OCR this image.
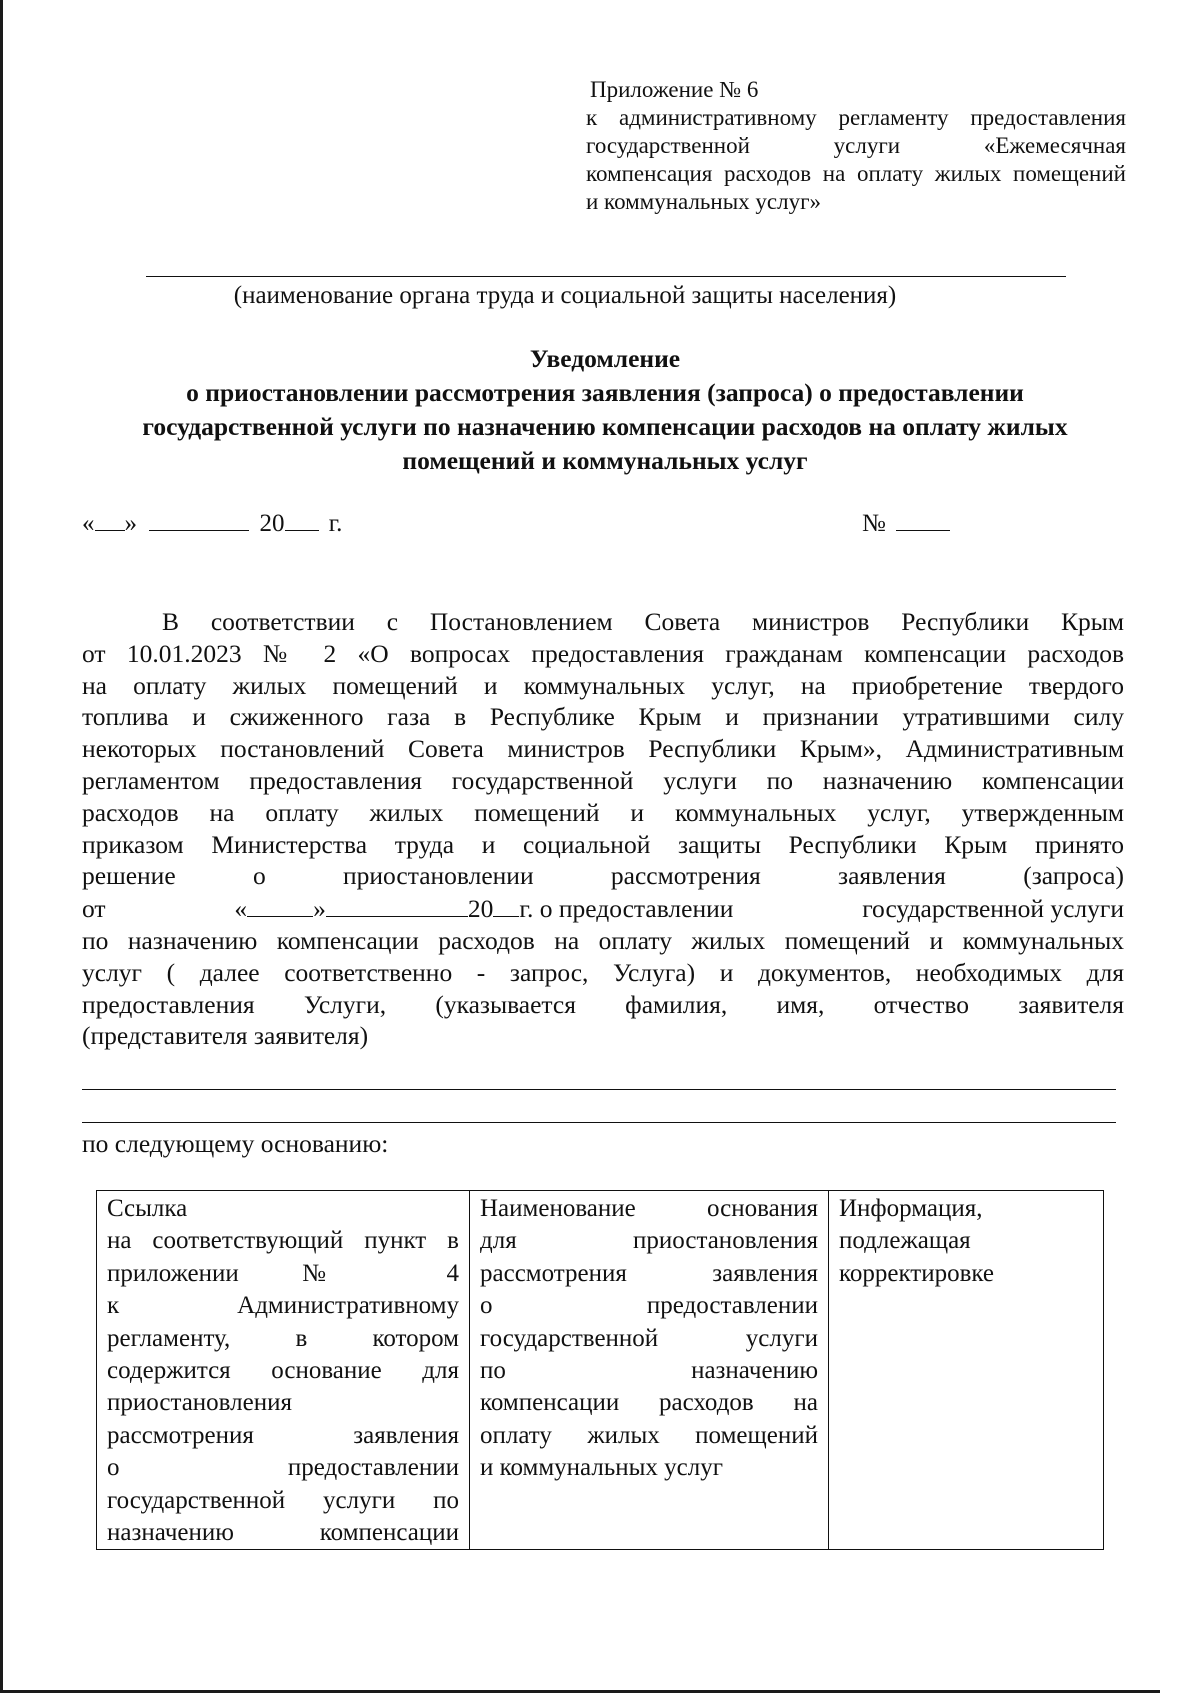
Приложение № 6
к административному регламенту предоставления
государственной услуги «Ежемесячная
компенсация расходов на оплату жилых помещений
и коммунальных услуг»
(наименование органа труда и социальной защиты населения)
Уведомление
о приостановлении рассмотрения заявления (запроса) о предоставлении
государственной услуги по назначению компенсации расходов на оплату жилых
помещений и коммунальных услуг
« »	20 г.	№
В соответствии с Постановлением Совета министров Республики Крым
от 10.01.2023 № 2 «О вопросах предоставления гражданам компенсации расходов
на оплату жилых помещений и коммунальных услуг, на приобретение твердого
топлива и сжиженного газа в Республике Крым и признании утратившими силу
некоторых постановлений Совета министров Республики Крым», Административным
регламентом предоставления государственной услуги по назначению компенсации
расходов на оплату жилых помещений и коммунальных услуг, утвержденным
приказом Министерства труда и социальной защиты Республики Крым принято
решение о приостановлении рассмотрения заявления (запроса)
от	«	»	20 г. о предоставлении	государственной услуги
по назначению компенсации расходов на оплату жилых помещений и коммунальных
услуг ( далее соответственно - запрос, Услуга) и документов, необходимых для
предоставления Услуги, (указывается фамилия, имя, отчество заявителя
(представителя заявителя)
по следующему основанию:
Ссылка
на соответствующий пункт в
приложении № 4
к Административному
регламенту, в котором
содержится основание для
приостановления
рассмотрения заявления
о предоставлении
государственной услуги по
назначению компенсации

Наименование основания
для приостановления
рассмотрения заявления
о предоставлении
государственной услуги
по назначению
компенсации расходов на
оплату жилых помещений
и коммунальных услуг

Информация,
подлежащая
корректировке
